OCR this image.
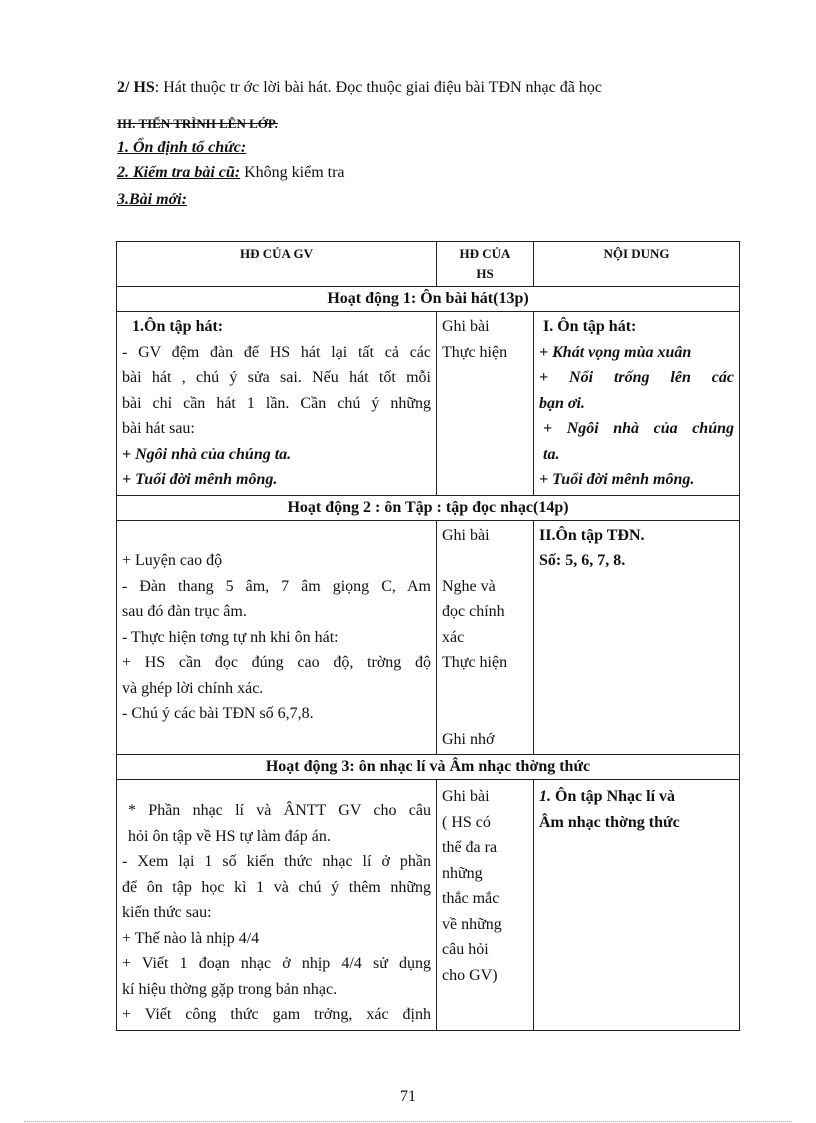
2/ HS: Hát thuộc tr ớc lời bài hát. Đọc thuộc giai điệu bài TĐN nhạc đã học
III. TIẾN TRÌNH LÊN LỚP.
1. Ổn định tổ chức:
2. Kiểm tra bài cũ: Không kiểm tra
3.Bài mới:
HĐ CỦA GV	HĐ CỦA
HS
NỘI DUNG
Hoạt động 1: Ôn bài hát(13p)
1.Ôn tập hát:
- GV đệm đàn để HS hát lại tất cả các
bài hát , chú ý sửa sai. Nếu hát tốt mỗi
bài chỉ cần hát 1 lần. Cần chú ý những
bài hát sau:
+ Ngôi nhà của chúng ta.
+ Tuổi đời mênh mông.
Ghi bài
Thực hiện
I. Ôn tập hát:
+ Khát vọng mùa xuân
+ Nổi trống lên các
bạn ơi.
+ Ngôi nhà của chúng
ta.
+ Tuổi đời mênh mông.
Hoạt động 2 : ôn Tập : tập đọc nhạc(14p)

+ Luyện cao độ
- Đàn thang 5 âm, 7 âm giọng C, Am
sau đó đàn trục âm.
- Thực hiện tơng tự nh khi ôn hát:
+ HS cần đọc đúng cao độ, trờng độ
và ghép lời chính xác.
- Chú ý các bài TĐN số 6,7,8.

Ghi bài

Nghe và
đọc chính
xác
Thực hiện

Ghi nhớ
II.Ôn tập TĐN.
Số: 5, 6, 7, 8.
Hoạt động 3: ôn nhạc lí và Âm nhạc thờng thức

* Phần nhạc lí và ÂNTT GV cho câu
hỏi ôn tập về HS tự làm đáp án.
- Xem lại 1 số kiến thức nhạc lí ở phần
để ôn tập học kì 1 và chú ý thêm những
kiến thức sau:
+ Thế nào là nhịp 4/4
+ Viết 1 đoạn nhạc ở nhịp 4/4 sử dụng
kí hiệu thờng gặp trong bản nhạc.
+ Viết công thức gam trởng, xác định
Ghi bài
( HS có
thể đa ra
những
thắc mắc
về những
câu hỏi
cho GV)
1. Ôn tập Nhạc lí và
Âm nhạc thờng thức
71
